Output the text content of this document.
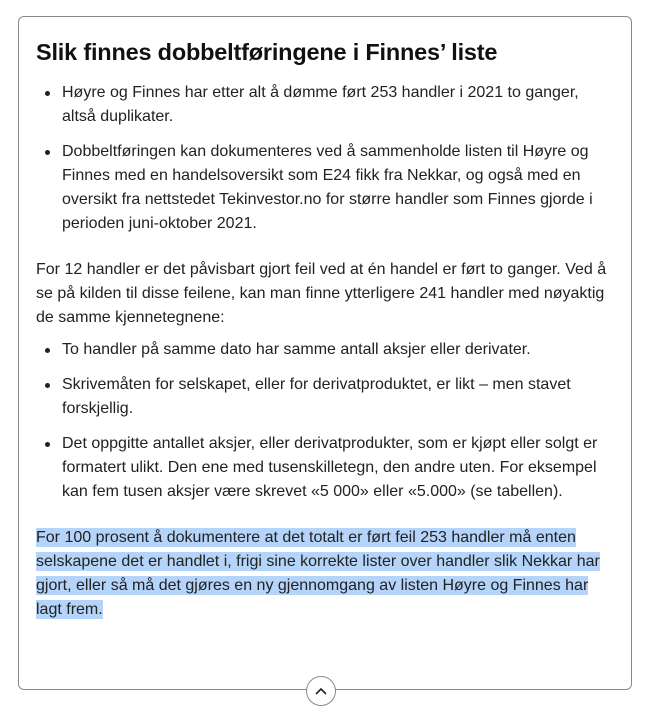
Slik finnes dobbeltføringene i Finnes’ liste
Høyre og Finnes har etter alt å dømme ført 253 handler i 2021 to ganger, altså duplikater.
Dobbeltføringen kan dokumenteres ved å sammenholde listen til Høyre og Finnes med en handelsoversikt som E24 fikk fra Nekkar, og også med en oversikt fra nettstedet Tekinvestor.no for større handler som Finnes gjorde i perioden juni-oktober 2021.

For 12 handler er det påvisbart gjort feil ved at én handel er ført to ganger. Ved å se på kilden til disse feilene, kan man finne ytterligere 241 handler med nøyaktig de samme kjennetegnene:

To handler på samme dato har samme antall aksjer eller derivater.
Skrivemåten for selskapet, eller for derivatproduktet, er likt – men stavet forskjellig.
Det oppgitte antallet aksjer, eller derivatprodukter, som er kjøpt eller solgt er formatert ulikt. Den ene med tusenskilletegn, den andre uten. For eksempel kan fem tusen aksjer være skrevet «5 000» eller «5.000» (se tabellen).

For 100 prosent å dokumentere at det totalt er ført feil 253 handler må enten selskapene det er handlet i, frigi sine korrekte lister over handler slik Nekkar har gjort, eller så må det gjøres en ny gjennomgang av listen Høyre og Finnes har lagt frem.
